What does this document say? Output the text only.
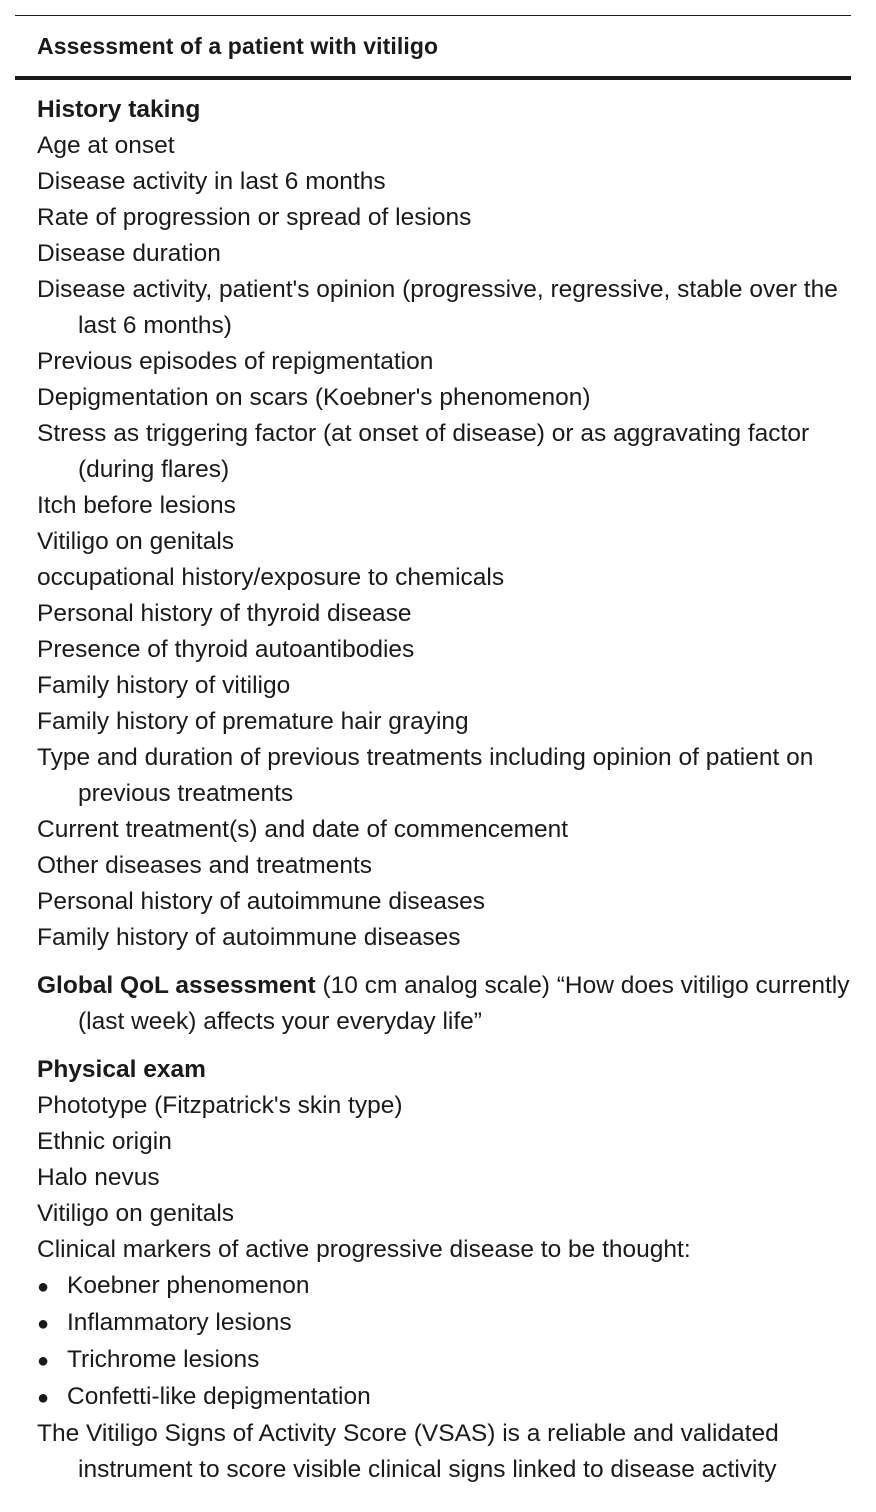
Assessment of a patient with vitiligo
History taking
Age at onset
Disease activity in last 6 months
Rate of progression or spread of lesions
Disease duration
Disease activity, patient's opinion (progressive, regressive, stable over the last 6 months)
Previous episodes of repigmentation
Depigmentation on scars (Koebner's phenomenon)
Stress as triggering factor (at onset of disease) or as aggravating factor (during flares)
Itch before lesions
Vitiligo on genitals
occupational history/exposure to chemicals
Personal history of thyroid disease
Presence of thyroid autoantibodies
Family history of vitiligo
Family history of premature hair graying
Type and duration of previous treatments including opinion of patient on previous treatments
Current treatment(s) and date of commencement
Other diseases and treatments
Personal history of autoimmune diseases
Family history of autoimmune diseases
Global QoL assessment (10 cm analog scale) “How does vitiligo currently (last week) affects your everyday life”
Physical exam
Phototype (Fitzpatrick's skin type)
Ethnic origin
Halo nevus
Vitiligo on genitals
Clinical markers of active progressive disease to be thought:
● Koebner phenomenon
● Inflammatory lesions
● Trichrome lesions
● Confetti-like depigmentation
The Vitiligo Signs of Activity Score (VSAS) is a reliable and validated instrument to score visible clinical signs linked to disease activity
